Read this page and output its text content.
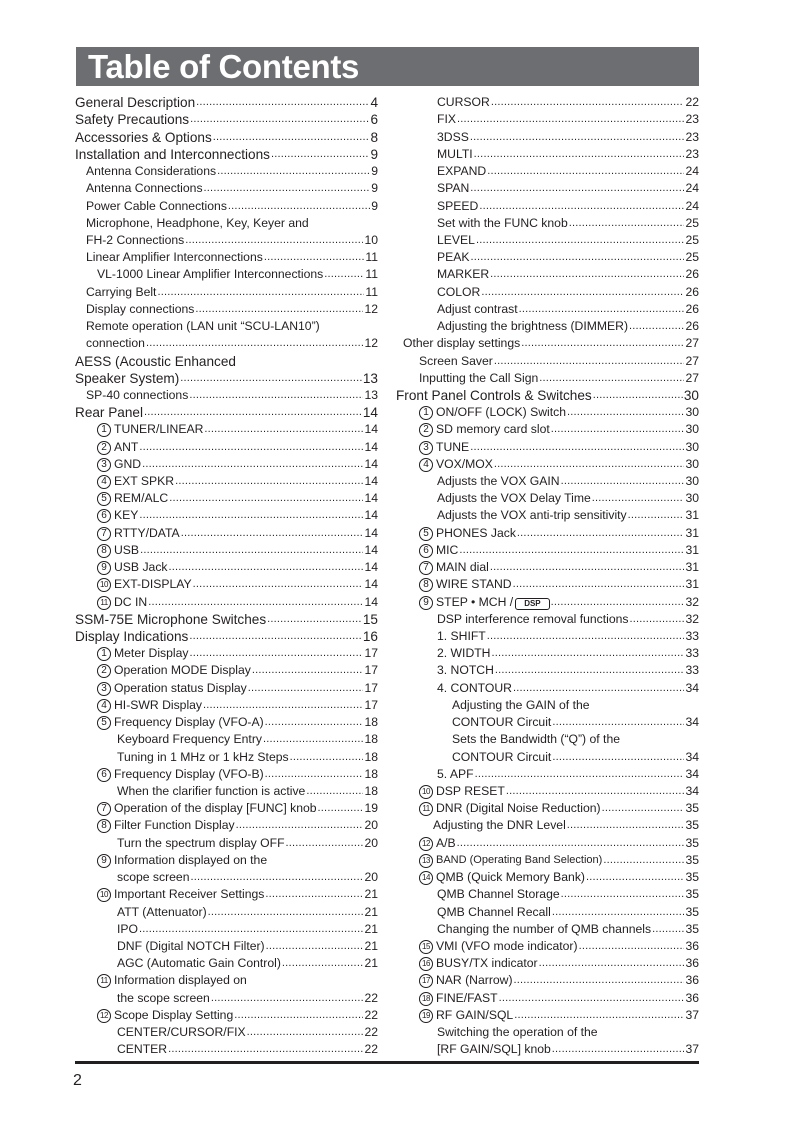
Table of Contents
General Description .....	4
Safety Precautions .....	6
Accessories & Options .....	8
Installation and Interconnections .....	9
Antenna Considerations .....	9
Antenna Connections .....	9
Power Cable Connections .....	9
Microphone, Headphone, Key, Keyer and
FH-2 Connections .....	10
Linear Amplifier Interconnections .....	11
VL-1000 Linear Amplifier Interconnections .....	11
Carrying Belt .....	11
Display connections .....	12
Remote operation (LAN unit “SCU-LAN10”)
connection .....	12
AESS (Acoustic Enhanced
Speaker System) .....	13
SP-40 connections .....	13
Rear Panel .....	14
1 TUNER/LINEAR .....	14
2 ANT .....	14
3 GND .....	14
4 EXT SPKR .....	14
5 REM/ALC .....	14
6 KEY .....	14
7 RTTY/DATA .....	14
8 USB .....	14
9 USB Jack .....	14
10 EXT-DISPLAY .....	14
11 DC IN .....	14
SSM-75E Microphone Switches .....	15
Display Indications .....	16
1 Meter Display .....	17
2 Operation MODE Display .....	17
3 Operation status Display .....	17
4 HI-SWR Display .....	17
5 Frequency Display (VFO-A) .....	18
Keyboard Frequency Entry .....	18
Tuning in 1 MHz or 1 kHz Steps .....	18
6 Frequency Display (VFO-B) .....	18
When the clarifier function is active .....	18
7 Operation of the display [FUNC] knob .....	19
8 Filter Function Display .....	20
Turn the spectrum display OFF .....	20
9 Information displayed on the
scope screen .....	20
10 Important Receiver Settings .....	21
ATT (Attenuator) .....	21
IPO .....	21
DNF (Digital NOTCH Filter) .....	21
AGC (Automatic Gain Control) .....	21
11 Information displayed on
the scope screen .....	22
12 Scope Display Setting .....	22
CENTER/CURSOR/FIX .....	22
CENTER .....	22
CURSOR .....	22
FIX .....	23
3DSS .....	23
MULTI .....	23
EXPAND .....	24
SPAN .....	24
SPEED .....	24
Set with the FUNC knob .....	25
LEVEL .....	25
PEAK .....	25
MARKER .....	26
COLOR .....	26
Adjust contrast .....	26
Adjusting the brightness (DIMMER) .....	26
Other display settings .....	27
Screen Saver .....	27
Inputting the Call Sign .....	27
Front Panel Controls & Switches .....	30
1 ON/OFF (LOCK) Switch .....	30
2 SD memory card slot .....	30
3 TUNE .....	30
4 VOX/MOX .....	30
Adjusts the VOX GAIN .....	30
Adjusts the VOX Delay Time .....	30
Adjusts the VOX anti-trip sensitivity .....	31
5 PHONES Jack .....	31
6 MIC .....	31
7 MAIN dial .....	31
8 WIRE STAND .....	31
9 STEP • MCH /	DSP .....	32
DSP interference removal functions .....	32
1. SHIFT .....	33
2. WIDTH .....	33
3. NOTCH .....	33
4. CONTOUR .....	34
Adjusting the GAIN of the
CONTOUR Circuit .....	34
Sets the Bandwidth (“Q”) of the
CONTOUR Circuit .....	34
5. APF .....	34
10 DSP RESET .....	34
11 DNR (Digital Noise Reduction) .....	35
Adjusting the DNR Level .....	35
12 A/B .....	35
13 BAND (Operating Band Selection) .....	35
14 QMB (Quick Memory Bank) .....	35
QMB Channel Storage .....	35
QMB Channel Recall .....	35
Changing the number of QMB channels .....	35
15 VMI (VFO mode indicator) .....	36
16 BUSY/TX indicator .....	36
17 NAR (Narrow) .....	36
18 FINE/FAST .....	36
19 RF GAIN/SQL .....	37
Switching the operation of the
[RF GAIN/SQL] knob .....	37
2
